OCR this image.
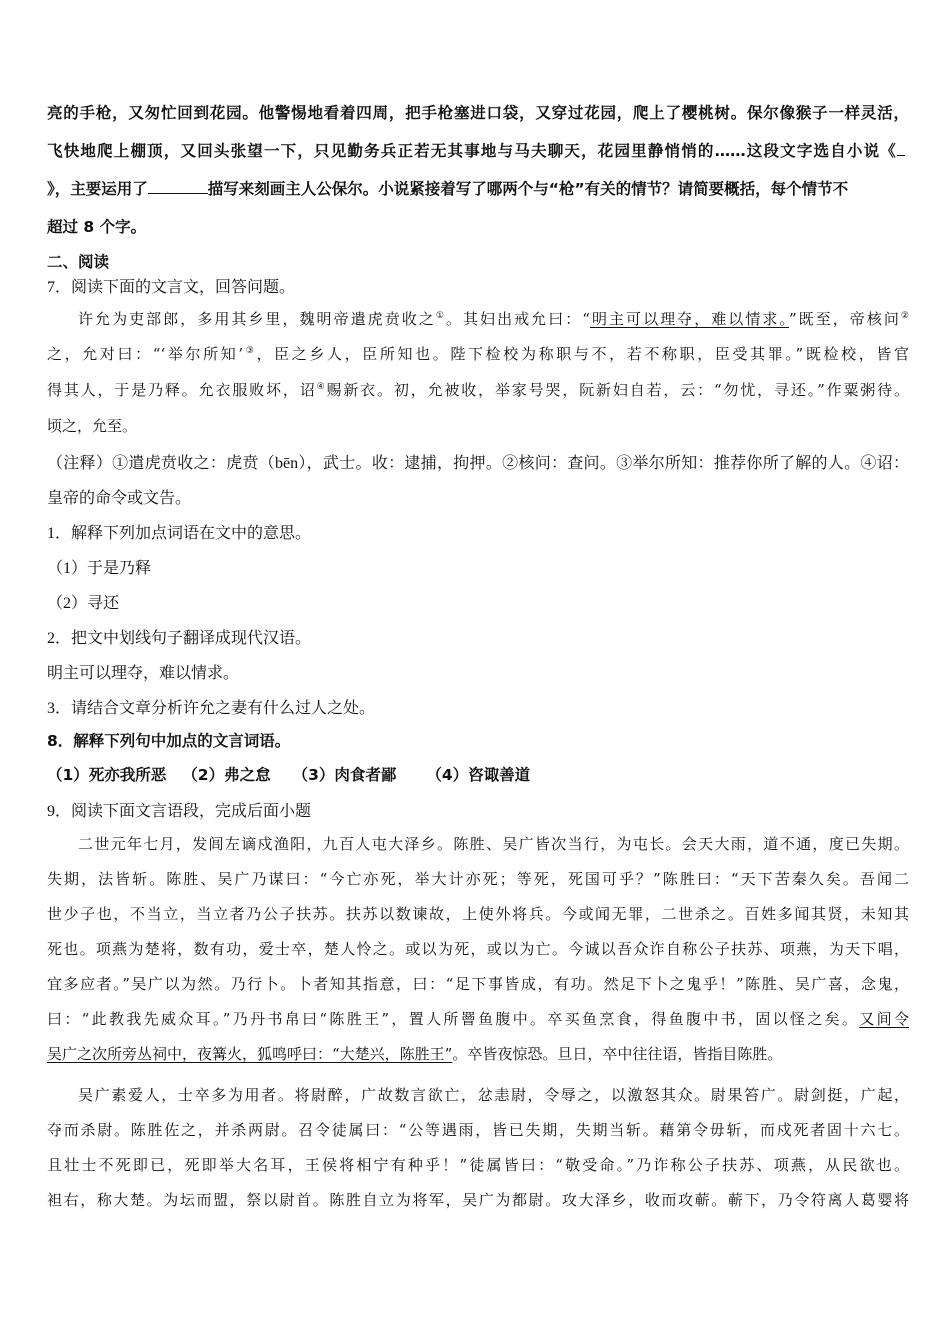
亮的手枪，又匆忙回到花园。他警惕地看着四周，把手枪塞进口袋，又穿过花园，爬上了樱桃树。保尔像猴子一样灵活，
飞快地爬上棚顶，又回头张望一下，只见勤务兵正若无其事地与马夫聊天，花园里静悄悄的……这段文字选自小说《
》，主要运用了	描写来刻画主人公保尔。小说紧接着写了哪两个与“枪”有关的情节？请简要概括，每个情节不
超过 8 个字。
二、阅读
7．阅读下面的文言文，回答问题。
许允为吏部郎，多用其乡里，魏明帝遣虎贲收之①。其妇出戒允曰：“明主可以理夺，难以情求。”既至，帝核问②
之，允对曰：“‘举尔所知’③，臣之乡人，臣所知也。陛下检校为称职与不，若不称职，臣受其罪。”既检校，皆官
得其人，于是乃释。允衣服败坏，诏④赐新衣。初，允被收，举家号哭，阮新妇自若，云：“勿忧，寻还。”作粟粥待。
顷之，允至。
（注释）①遣虎贲收之：虎贲（bēn），武士。收：逮捕，拘押。②核问：查问。③举尔所知：推荐你所了解的人。④诏：
皇帝的命令或文告。
1．解释下列加点词语在文中的意思。
（1）于是乃释
（2）寻还
2．把文中划线句子翻译成现代汉语。
明主可以理夺，难以情求。
3．请结合文章分析许允之妻有什么过人之处。
8．解释下列句中加点的文言词语。
（1）死亦我所恶 （2）弗之怠 （3）肉食者鄙 （4）咨诹善道
9．阅读下面文言语段，完成后面小题
二世元年七月，发闾左谪戍渔阳，九百人屯大泽乡。陈胜、吴广皆次当行，为屯长。会天大雨，道不通，度已失期。
失期，法皆斩。陈胜、吴广乃谋曰：“今亡亦死，举大计亦死；等死，死国可乎？”陈胜曰：“天下苦秦久矣。吾闻二
世少子也，不当立，当立者乃公子扶苏。扶苏以数谏故，上使外将兵。今或闻无罪，二世杀之。百姓多闻其贤，未知其
死也。项燕为楚将，数有功，爱士卒，楚人怜之。或以为死，或以为亡。今诚以吾众诈自称公子扶苏、项燕，为天下唱，
宜多应者。”吴广以为然。乃行卜。卜者知其指意，曰：“足下事皆成，有功。然足下卜之鬼乎！”陈胜、吴广喜，念鬼，
曰：“此教我先威众耳。”乃丹书帛曰“陈胜王”，置人所罾鱼腹中。卒买鱼烹食，得鱼腹中书，固以怪之矣。又间令
吴广之次所旁丛祠中，夜篝火，狐鸣呼曰：“大楚兴，陈胜王”。卒皆夜惊恐。旦日，卒中往往语，皆指目陈胜。
吴广素爱人，士卒多为用者。将尉醉，广故数言欲亡，忿恚尉，令辱之，以激怒其众。尉果笞广。尉剑挺，广起，
夺而杀尉。陈胜佐之，并杀两尉。召令徒属曰：“公等遇雨，皆已失期，失期当斩。藉第令毋斩，而戍死者固十六七。
且壮士不死即已，死即举大名耳，王侯将相宁有种乎！”徒属皆曰：“敬受命。”乃诈称公子扶苏、项燕，从民欲也。
袒右，称大楚。为坛而盟，祭以尉首。陈胜自立为将军，吴广为都尉。攻大泽乡，收而攻蕲。蕲下，乃令符离人葛婴将
